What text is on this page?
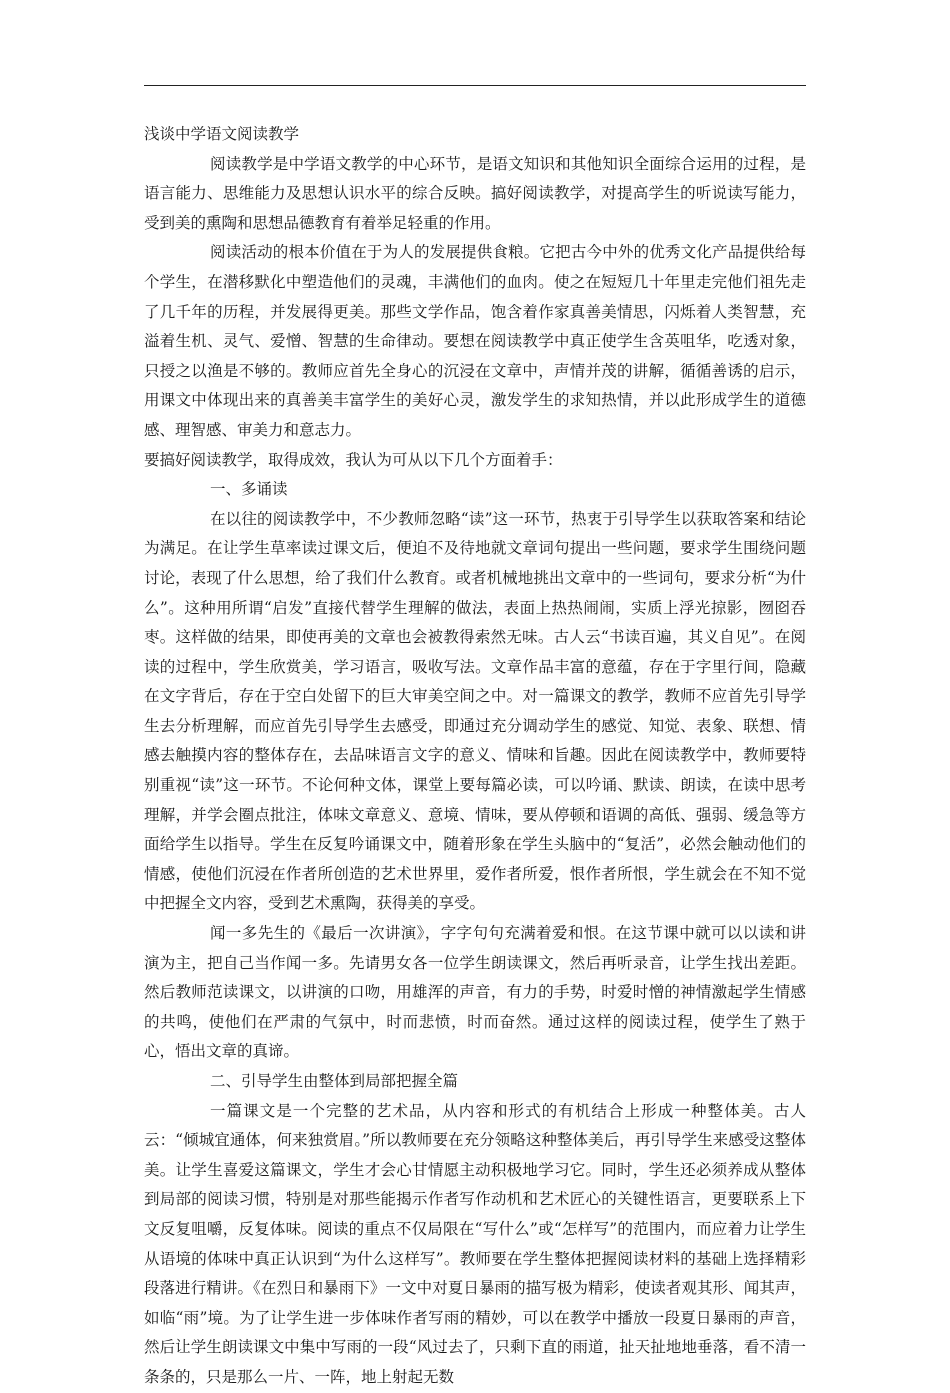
浅谈中学语文阅读教学

阅读教学是中学语文教学的中心环节，是语文知识和其他知识全面综合运用的过程，是语言能力、思维能力及思想认识水平的综合反映。搞好阅读教学，对提高学生的听说读写能力，受到美的熏陶和思想品德教育有着举足轻重的作用。

阅读活动的根本价值在于为人的发展提供食粮。它把古今中外的优秀文化产品提供给每个学生，在潜移默化中塑造他们的灵魂，丰满他们的血肉。使之在短短几十年里走完他们祖先走了几千年的历程，并发展得更美。那些文学作品，饱含着作家真善美情思，闪烁着人类智慧，充溢着生机、灵气、爱憎、智慧的生命律动。要想在阅读教学中真正使学生含英咀华，吃透对象，只授之以渔是不够的。教师应首先全身心的沉浸在文章中，声情并茂的讲解，循循善诱的启示，用课文中体现出来的真善美丰富学生的美好心灵，激发学生的求知热情，并以此形成学生的道德感、理智感、审美力和意志力。

要搞好阅读教学，取得成效，我认为可从以下几个方面着手：

一、多诵读

在以往的阅读教学中，不少教师忽略“读”这一环节，热衷于引导学生以获取答案和结论为满足。在让学生草率读过课文后，便迫不及待地就文章词句提出一些问题，要求学生围绕问题讨论，表现了什么思想，给了我们什么教育。或者机械地挑出文章中的一些词句，要求分析“为什么”。这种用所谓“启发”直接代替学生理解的做法，表面上热热闹闹，实质上浮光掠影，囫囵吞枣。这样做的结果，即使再美的文章也会被教得索然无味。古人云“书读百遍，其义自见”。在阅读的过程中，学生欣赏美，学习语言，吸收写法。文章作品丰富的意蕴，存在于字里行间，隐藏在文字背后，存在于空白处留下的巨大审美空间之中。对一篇课文的教学，教师不应首先引导学生去分析理解，而应首先引导学生去感受，即通过充分调动学生的感觉、知觉、表象、联想、情感去触摸内容的整体存在，去品味语言文字的意义、情味和旨趣。因此在阅读教学中，教师要特别重视“读”这一环节。不论何种文体，课堂上要每篇必读，可以吟诵、默读、朗读，在读中思考理解，并学会圈点批注，体味文章意义、意境、情味，要从停顿和语调的高低、强弱、缓急等方面给学生以指导。学生在反复吟诵课文中，随着形象在学生头脑中的“复活”，必然会触动他们的情感，使他们沉浸在作者所创造的艺术世界里，爱作者所爱，恨作者所恨，学生就会在不知不觉中把握全文内容，受到艺术熏陶，获得美的享受。

闻一多先生的《最后一次讲演》，字字句句充满着爱和恨。在这节课中就可以以读和讲演为主，把自己当作闻一多。先请男女各一位学生朗读课文，然后再听录音，让学生找出差距。然后教师范读课文，以讲演的口吻，用雄浑的声音，有力的手势，时爱时憎的神情激起学生情感的共鸣，使他们在严肃的气氛中，时而悲愤，时而奋然。通过这样的阅读过程，使学生了熟于心，悟出文章的真谛。

二、引导学生由整体到局部把握全篇

一篇课文是一个完整的艺术品，从内容和形式的有机结合上形成一种整体美。古人云：“倾城宜通体，何来独赏眉。”所以教师要在充分领略这种整体美后，再引导学生来感受这整体美。让学生喜爱这篇课文，学生才会心甘情愿主动积极地学习它。同时，学生还必须养成从整体到局部的阅读习惯，特别是对那些能揭示作者写作动机和艺术匠心的关键性语言，更要联系上下文反复咀嚼，反复体味。阅读的重点不仅局限在“写什么”或“怎样写”的范围内，而应着力让学生从语境的体味中真正认识到“为什么这样写”。教师要在学生整体把握阅读材料的基础上选择精彩段落进行精讲。《在烈日和暴雨下》一文中对夏日暴雨的描写极为精彩，使读者观其形、闻其声，如临“雨”境。为了让学生进一步体味作者写雨的精妙，可以在教学中播放一段夏日暴雨的声音，然后让学生朗读课文中集中写雨的一段“风过去了，只剩下直的雨道，扯天扯地地垂落，看不清一条条的，只是那么一片、一阵，地上射起无数
